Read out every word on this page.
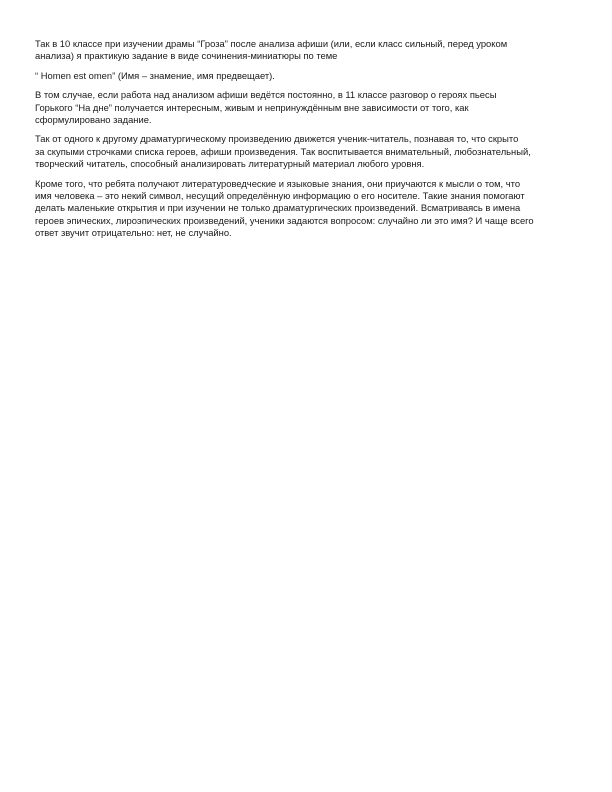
Так в 10 классе при изучении драмы “Гроза” после анализа афиши (или, если класс сильный, перед уроком
анализа) я практикую задание в виде сочинения-миниатюры по теме

“ Homen est omen” (Имя – знамение, имя предвещает).

В том случае, если работа над анализом афиши ведётся постоянно, в 11 классе разговор о героях пьесы
Горького “На дне” получается интересным, живым и непринуждённым вне зависимости от того, как
сформулировано задание.

Так от одного к другому драматургическому произведению движется ученик-читатель, познавая то, что скрыто
за скупыми строчками списка героев, афиши произведения. Так воспитывается внимательный, любознательный,
творческий читатель, способный анализировать литературный материал любого уровня.

Кроме того, что ребята получают литературоведческие и языковые знания, они приучаются к мысли о том, что
имя человека – это некий символ, несущий определённую информацию о его носителе. Такие знания помогают
делать маленькие открытия и при изучении не только драматургических произведений. Всматриваясь в имена
героев эпических, лироэпических произведений, ученики задаются вопросом: случайно ли это имя? И чаще всего
ответ звучит отрицательно: нет, не случайно.
